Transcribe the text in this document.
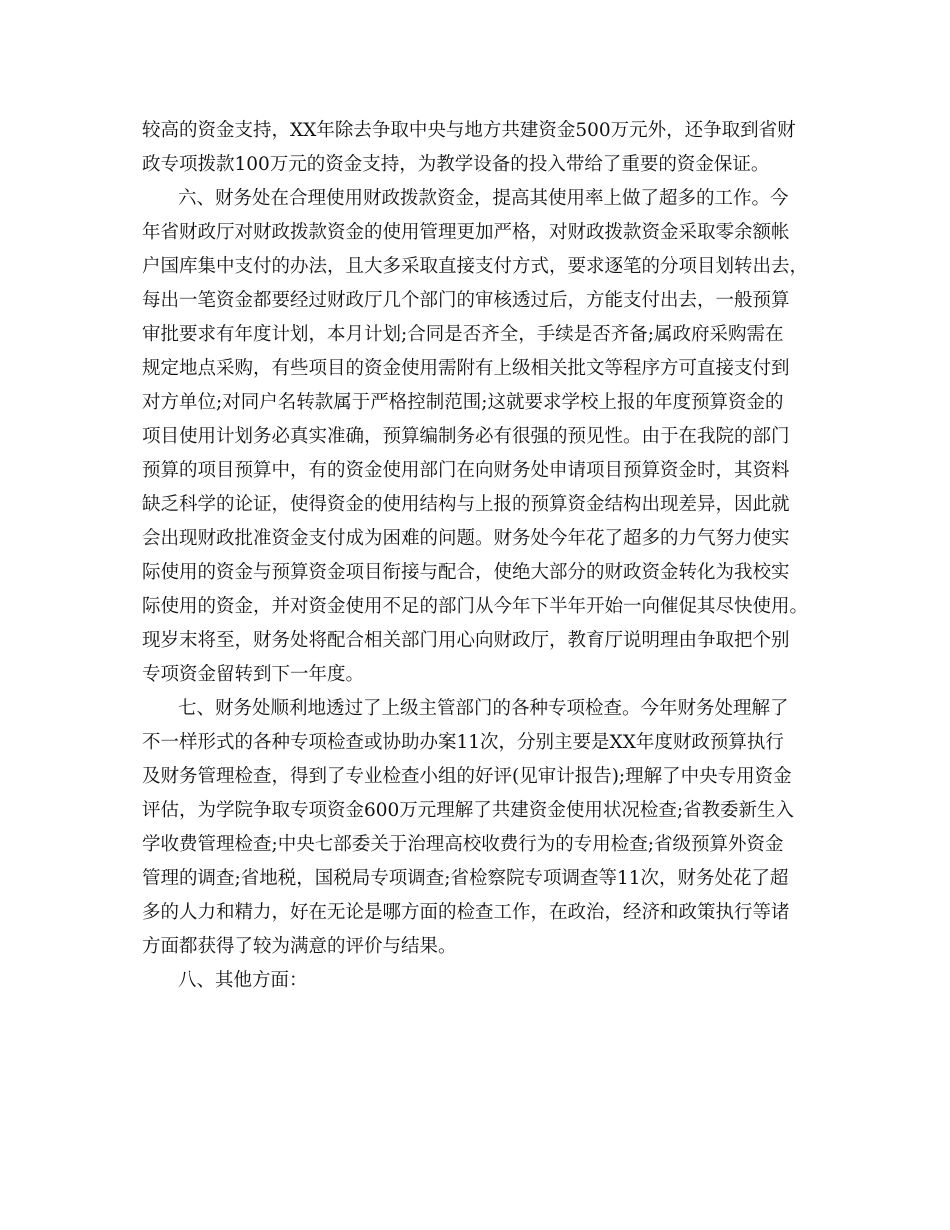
较高的资金支持，XX年除去争取中央与地方共建资金500万元外，还争取到省财
政专项拨款100万元的资金支持，为教学设备的投入带给了重要的资金保证。
六、财务处在合理使用财政拨款资金，提高其使用率上做了超多的工作。今
年省财政厅对财政拨款资金的使用管理更加严格，对财政拨款资金采取零余额帐
户国库集中支付的办法，且大多采取直接支付方式，要求逐笔的分项目划转出去，
每出一笔资金都要经过财政厅几个部门的审核透过后，方能支付出去，一般预算
审批要求有年度计划，本月计划;合同是否齐全，手续是否齐备;属政府采购需在
规定地点采购，有些项目的资金使用需附有上级相关批文等程序方可直接支付到
对方单位;对同户名转款属于严格控制范围;这就要求学校上报的年度预算资金的
项目使用计划务必真实准确，预算编制务必有很强的预见性。由于在我院的部门
预算的项目预算中，有的资金使用部门在向财务处申请项目预算资金时，其资料
缺乏科学的论证，使得资金的使用结构与上报的预算资金结构出现差异，因此就
会出现财政批准资金支付成为困难的问题。财务处今年花了超多的力气努力使实
际使用的资金与预算资金项目衔接与配合，使绝大部分的财政资金转化为我校实
际使用的资金，并对资金使用不足的部门从今年下半年开始一向催促其尽快使用。
现岁末将至，财务处将配合相关部门用心向财政厅，教育厅说明理由争取把个别
专项资金留转到下一年度。
七、财务处顺利地透过了上级主管部门的各种专项检查。今年财务处理解了
不一样形式的各种专项检查或协助办案11次，分别主要是XX年度财政预算执行
及财务管理检查，得到了专业检查小组的好评(见审计报告);理解了中央专用资金
评估，为学院争取专项资金600万元理解了共建资金使用状况检查;省教委新生入
学收费管理检查;中央七部委关于治理高校收费行为的专用检查;省级预算外资金
管理的调查;省地税，国税局专项调查;省检察院专项调查等11次，财务处花了超
多的人力和精力，好在无论是哪方面的检查工作，在政治，经济和政策执行等诸
方面都获得了较为满意的评价与结果。
八、其他方面：
